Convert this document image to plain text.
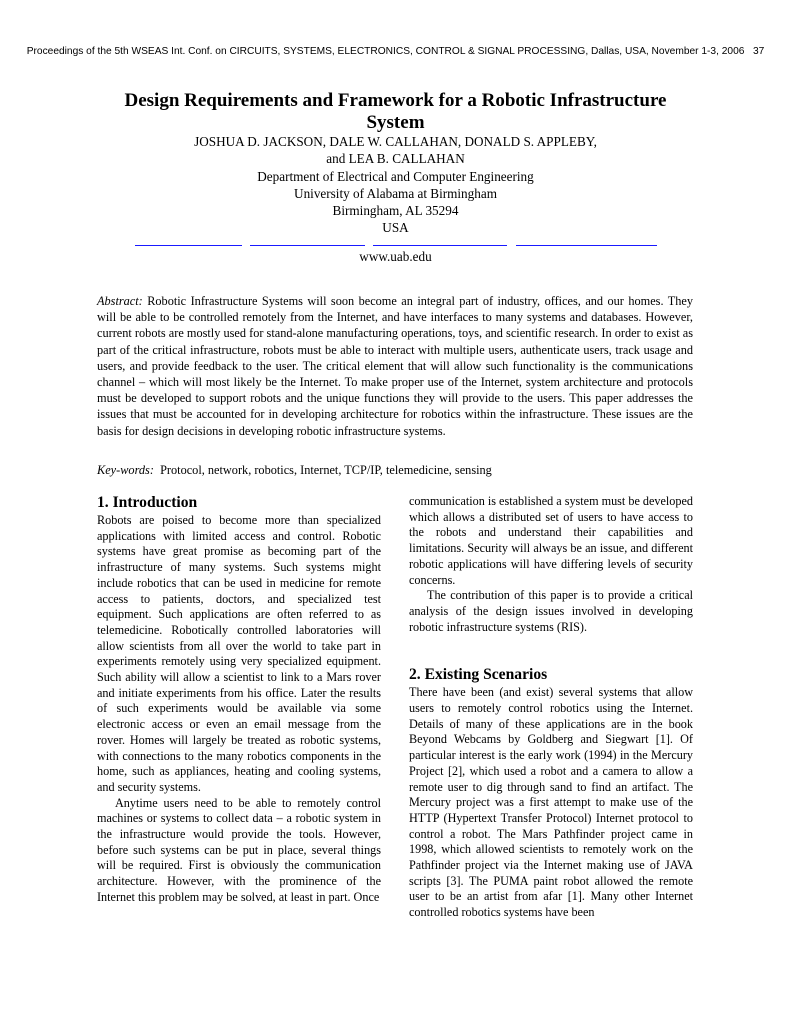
Proceedings of the 5th WSEAS Int. Conf. on CIRCUITS, SYSTEMS, ELECTRONICS, CONTROL & SIGNAL PROCESSING, Dallas, USA, November 1-3, 2006 37
Design Requirements and Framework for a Robotic Infrastructure
System
JOSHUA D. JACKSON, DALE W. CALLAHAN, DONALD S. APPLEBY,
and LEA B. CALLAHAN
Department of Electrical and Computer Engineering
University of Alabama at Birmingham
Birmingham, AL 35294
USA
www.uab.edu
Abstract: Robotic Infrastructure Systems will soon become an integral part of industry, offices, and our homes. They will be able to be controlled remotely from the Internet, and have interfaces to many systems and databases. However, current robots are mostly used for stand-alone manufacturing operations, toys, and scientific research. In order to exist as part of the critical infrastructure, robots must be able to interact with multiple users, authenticate users, track usage and users, and provide feedback to the user. The critical element that will allow such functionality is the communications channel – which will most likely be the Internet. To make proper use of the Internet, system architecture and protocols must be developed to support robots and the unique functions they will provide to the users. This paper addresses the issues that must be accounted for in developing architecture for robotics within the infrastructure. These issues are the basis for design decisions in developing robotic infrastructure systems.
Key-words: Protocol, network, robotics, Internet, TCP/IP, telemedicine, sensing
1. Introduction

Robots are poised to become more than specialized applications with limited access and control. Robotic systems have great promise as becoming part of the infrastructure of many systems. Such systems might include robotics that can be used in medicine for remote access to patients, doctors, and specialized test equipment. Such applications are often referred to as telemedicine. Robotically controlled laboratories will allow scientists from all over the world to take part in experiments remotely using very specialized equipment. Such ability will allow a scientist to link to a Mars rover and initiate experiments from his office. Later the results of such experiments would be available via some electronic access or even an email message from the rover. Homes will largely be treated as robotic systems, with connections to the many robotics components in the home, such as appliances, heating and cooling systems, and security systems.

Anytime users need to be able to remotely control machines or systems to collect data – a robotic system in the infrastructure would provide the tools. However, before such systems can be put in place, several things will be required. First is obviously the communication architecture. However, with the prominence of the Internet this problem may be solved, at least in part. Once

communication is established a system must be developed which allows a distributed set of users to have access to the robots and understand their capabilities and limitations. Security will always be an issue, and different robotic applications will have differing levels of security concerns.

The contribution of this paper is to provide a critical analysis of the design issues involved in developing robotic infrastructure systems (RIS).

2. Existing Scenarios

There have been (and exist) several systems that allow users to remotely control robotics using the Internet. Details of many of these applications are in the book Beyond Webcams by Goldberg and Siegwart [1]. Of particular interest is the early work (1994) in the Mercury Project [2], which used a robot and a camera to allow a remote user to dig through sand to find an artifact. The Mercury project was a first attempt to make use of the HTTP (Hypertext Transfer Protocol) Internet protocol to control a robot. The Mars Pathfinder project came in 1998, which allowed scientists to remotely work on the Pathfinder project via the Internet making use of JAVA scripts [3]. The PUMA paint robot allowed the remote user to be an artist from afar [1]. Many other Internet controlled robotics systems have been
